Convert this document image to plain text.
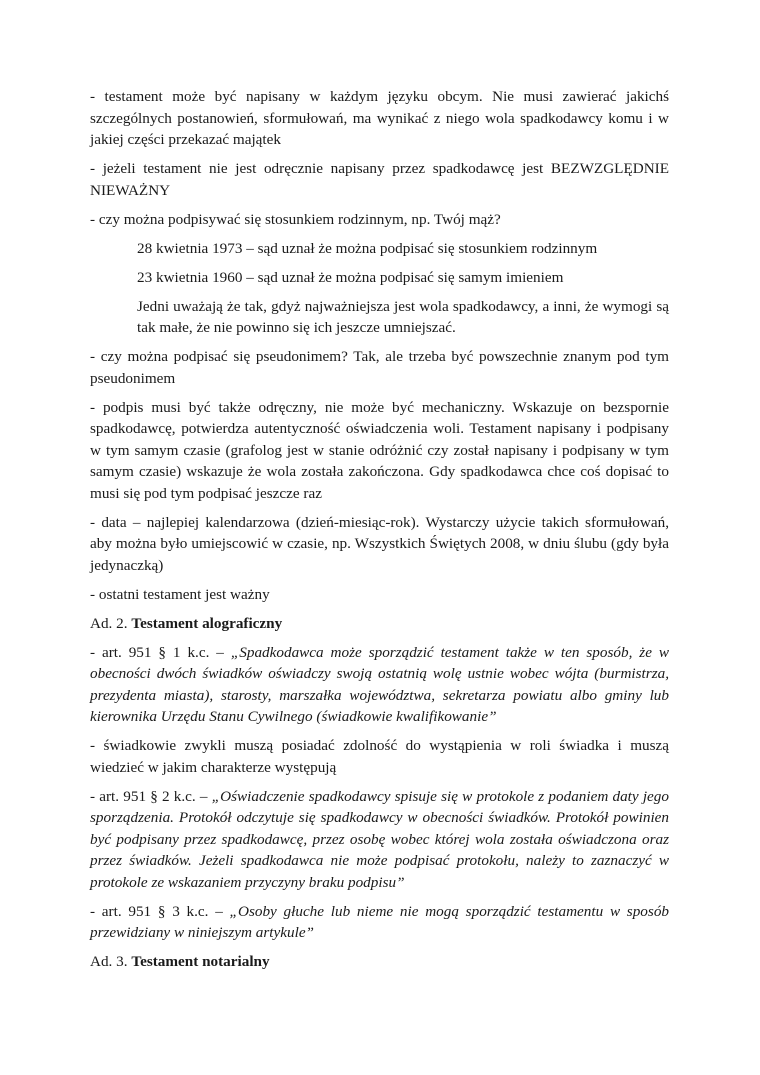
- testament może być napisany w każdym języku obcym. Nie musi zawierać jakichś szczególnych postanowień, sformułowań, ma wynikać z niego wola spadkodawcy komu i w jakiej części przekazać majątek

- jeżeli testament nie jest odręcznie napisany przez spadkodawcę jest BEZWZGLĘDNIE NIEWAŻNY

- czy można podpisywać się stosunkiem rodzinnym, np. Twój mąż?

28 kwietnia 1973 – sąd uznał że można podpisać się stosunkiem rodzinnym

23 kwietnia 1960 – sąd uznał że można podpisać się samym imieniem

Jedni uważają że tak, gdyż najważniejsza jest wola spadkodawcy, a inni, że wymogi są tak małe, że nie powinno się ich jeszcze umniejszać.

- czy można podpisać się pseudonimem? Tak, ale trzeba być powszechnie znanym pod tym pseudonimem

- podpis musi być także odręczny, nie może być mechaniczny. Wskazuje on bezspornie spadkodawcę, potwierdza autentyczność oświadczenia woli. Testament napisany i podpisany w tym samym czasie (grafolog jest w stanie odróżnić czy został napisany i podpisany w tym samym czasie) wskazuje że wola została zakończona. Gdy spadkodawca chce coś dopisać to musi się pod tym podpisać jeszcze raz

- data – najlepiej kalendarzowa (dzień-miesiąc-rok). Wystarczy użycie takich sformułowań, aby można było umiejscowić w czasie, np. Wszystkich Świętych 2008, w dniu ślubu (gdy była jedynaczką)

- ostatni testament jest ważny

Ad. 2. Testament alograficzny

- art. 951 § 1 k.c. – „Spadkodawca może sporządzić testament także w ten sposób, że w obecności dwóch świadków oświadczy swoją ostatnią wolę ustnie wobec wójta (burmistrza, prezydenta miasta), starosty, marszałka województwa, sekretarza powiatu albo gminy lub kierownika Urzędu Stanu Cywilnego (świadkowie kwalifikowanie”

- świadkowie zwykli muszą posiadać zdolność do wystąpienia w roli świadka i muszą wiedzieć w jakim charakterze występują

- art. 951 § 2 k.c. – „Oświadczenie spadkodawcy spisuje się w protokole z podaniem daty jego sporządzenia. Protokół odczytuje się spadkodawcy w obecności świadków. Protokół powinien być podpisany przez spadkodawcę, przez osobę wobec której wola została oświadczona oraz przez świadków. Jeżeli spadkodawca nie może podpisać protokołu, należy to zaznaczyć w protokole ze wskazaniem przyczyny braku podpisu”

- art. 951 § 3 k.c. – „Osoby głuche lub nieme nie mogą sporządzić testamentu w sposób przewidziany w niniejszym artykule”

Ad. 3. Testament notarialny
